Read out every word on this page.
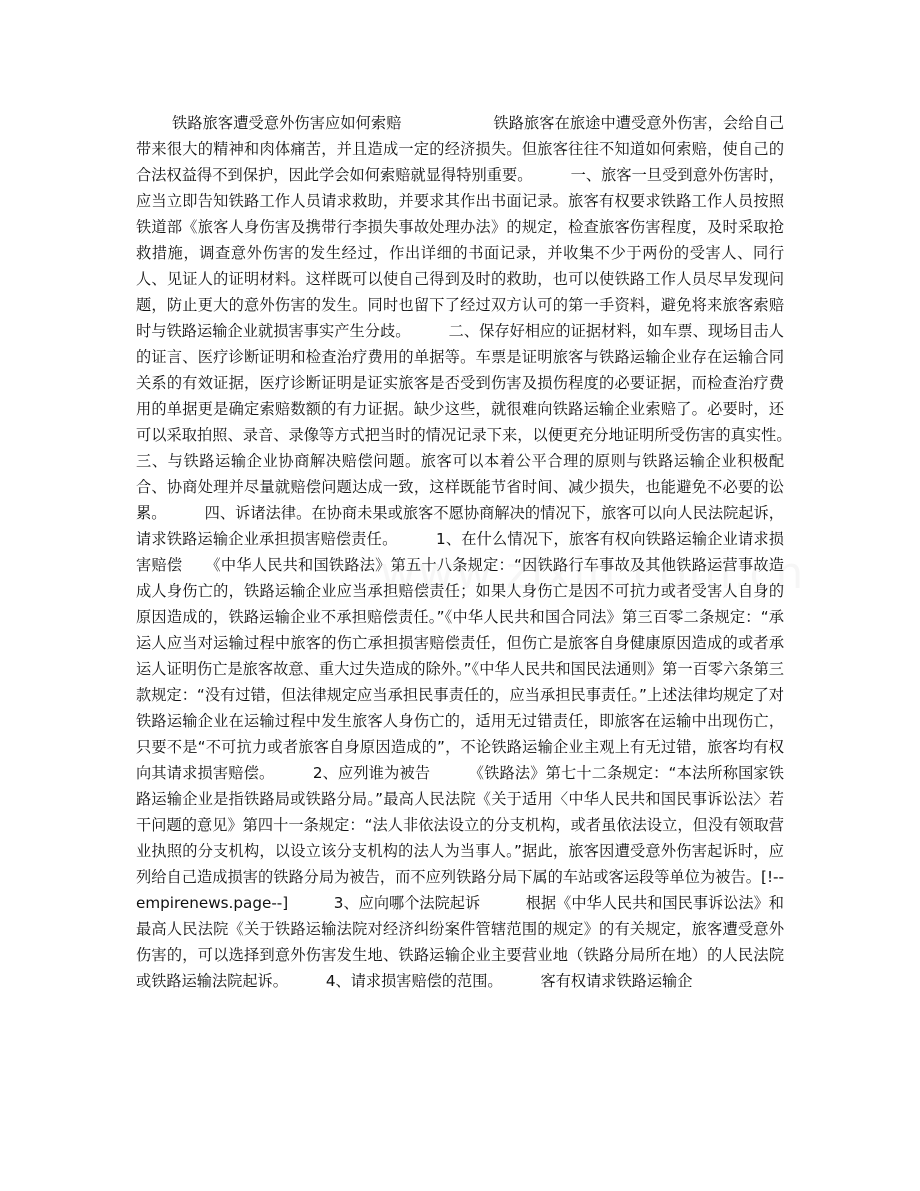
铁路旅客遭受意外伤害应如何索赔　　　　　　铁路旅客在旅途中遭受意外伤害，会给自己带来很大的精神和肉体痛苦，并且造成一定的经济损失。但旅客往往不知道如何索赔，使自己的合法权益得不到保护，因此学会如何索赔就显得特别重要。　　　一、旅客一旦受到意外伤害时，应当立即告知铁路工作人员请求救助，并要求其作出书面记录。旅客有权要求铁路工作人员按照铁道部《旅客人身伤害及携带行李损失事故处理办法》的规定，检查旅客伤害程度，及时采取抢救措施，调查意外伤害的发生经过，作出详细的书面记录，并收集不少于两份的受害人、同行人、见证人的证明材料。这样既可以使自己得到及时的救助，也可以使铁路工作人员尽早发现问题，防止更大的意外伤害的发生。同时也留下了经过双方认可的第一手资料，避免将来旅客索赔时与铁路运输企业就损害事实产生分歧。　　　二、保存好相应的证据材料，如车票、现场目击人的证言、医疗诊断证明和检查治疗费用的单据等。车票是证明旅客与铁路运输企业存在运输合同关系的有效证据，医疗诊断证明是证实旅客是否受到伤害及损伤程度的必要证据，而检查治疗费用的单据更是确定索赔数额的有力证据。缺少这些，就很难向铁路运输企业索赔了。必要时，还可以采取拍照、录音、录像等方式把当时的情况记录下来，以便更充分地证明所受伤害的真实性。　　　三、与铁路运输企业协商解决赔偿问题。旅客可以本着公平合理的原则与铁路运输企业积极配合、协商处理并尽量就赔偿问题达成一致，这样既能节省时间、减少损失，也能避免不必要的讼累。　　　四、诉诸法律。在协商未果或旅客不愿协商解决的情况下，旅客可以向人民法院起诉，请求铁路运输企业承担损害赔偿责任。　　　1、在什么情况下，旅客有权向铁路运输企业请求损害赔偿　　《中华人民共和国铁路法》第五十八条规定：“因铁路行车事故及其他铁路运营事故造成人身伤亡的，铁路运输企业应当承担赔偿责任；如果人身伤亡是因不可抗力或者受害人自身的原因造成的，铁路运输企业不承担赔偿责任。”《中华人民共和国合同法》第三百零二条规定：“承运人应当对运输过程中旅客的伤亡承担损害赔偿责任，但伤亡是旅客自身健康原因造成的或者承运人证明伤亡是旅客故意、重大过失造成的除外。”《中华人民共和国民法通则》第一百零六条第三款规定：“没有过错，但法律规定应当承担民事责任的，应当承担民事责任。”上述法律均规定了对铁路运输企业在运输过程中发生旅客人身伤亡的，适用无过错责任，即旅客在运输中出现伤亡，只要不是“不可抗力或者旅客自身原因造成的”，不论铁路运输企业主观上有无过错，旅客均有权向其请求损害赔偿。　　　2、应列谁为被告　　　《铁路法》第七十二条规定：“本法所称国家铁路运输企业是指铁路局或铁路分局。”最高人民法院《关于适用〈中华人民共和国民事诉讼法〉若干问题的意见》第四十一条规定：“法人非依法设立的分支机构，或者虽依法设立，但没有领取营业执照的分支机构，以设立该分支机构的法人为当事人。”据此，旅客因遭受意外伤害起诉时，应列给自己造成损害的铁路分局为被告，而不应列铁路分局下属的车站或客运段等单位为被告。[!--empirenews.page--]　　　3、应向哪个法院起诉　　　根据《中华人民共和国民事诉讼法》和最高人民法院《关于铁路运输法院对经济纠纷案件管辖范围的规定》的有关规定，旅客遭受意外伤害的，可以选择到意外伤害发生地、铁路运输企业主要营业地（铁路分局所在地）的人民法院或铁路运输法院起诉。　　　4、请求损害赔偿的范围。　　　客有权请求铁路运输企
